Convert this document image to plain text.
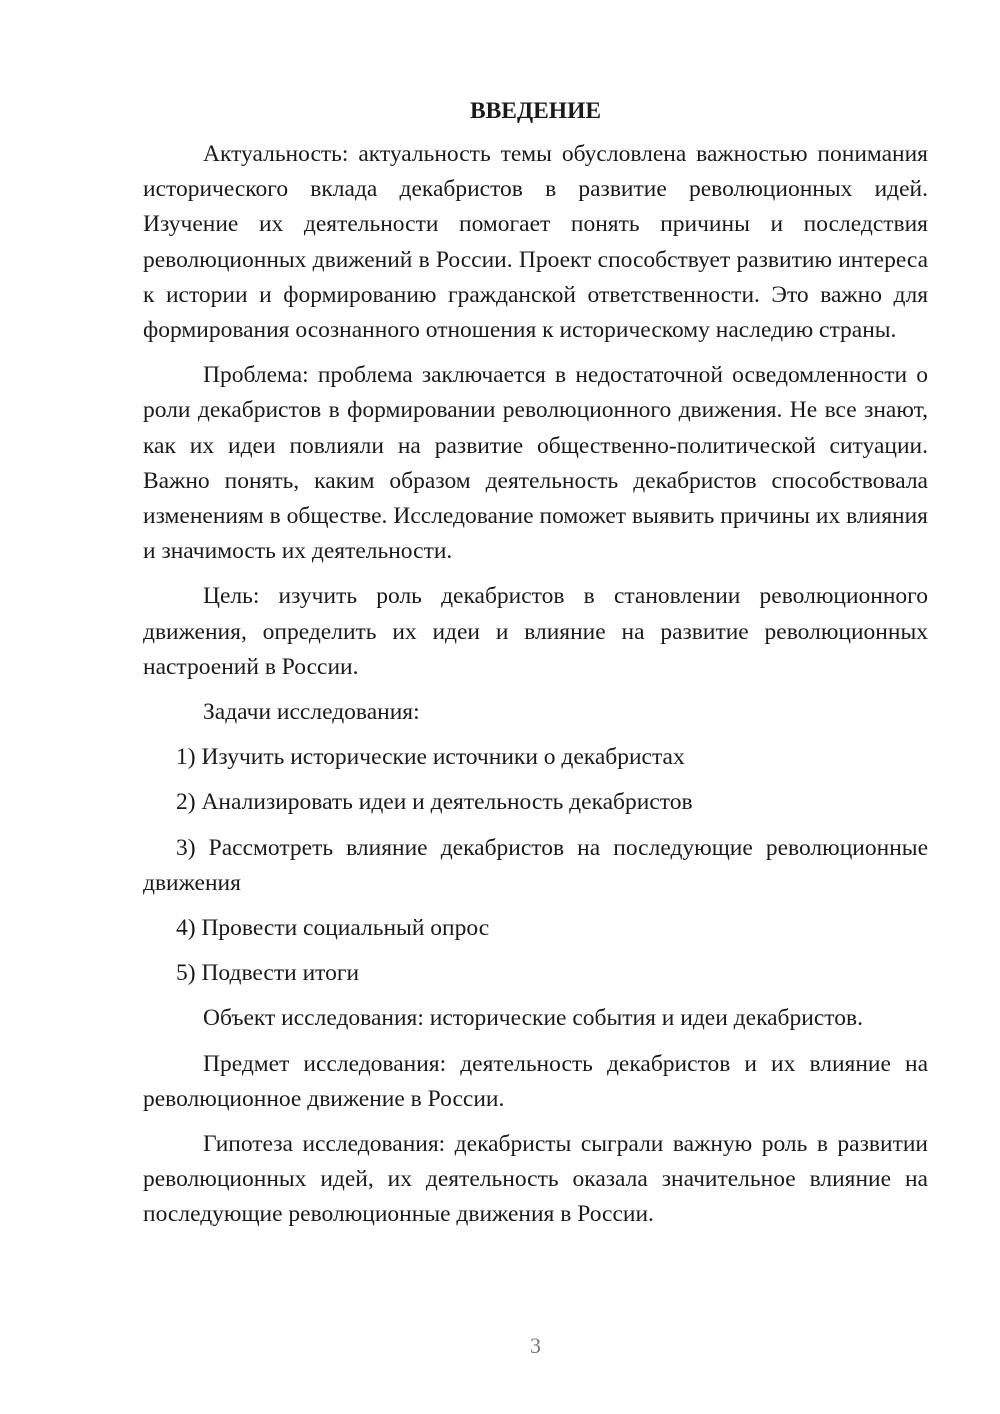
ВВЕДЕНИЕ

Актуальность: актуальность темы обусловлена важностью понимания исторического вклада декабристов в развитие революционных идей. Изучение их деятельности помогает понять причины и последствия революционных движений в России. Проект способствует развитию интереса к истории и формированию гражданской ответственности. Это важно для формирования осознанного отношения к историческому наследию страны.

Проблема: проблема заключается в недостаточной осведомленности о роли декабристов в формировании революционного движения. Не все знают, как их идеи повлияли на развитие общественно-политической ситуации. Важно понять, каким образом деятельность декабристов способствовала изменениям в обществе. Исследование поможет выявить причины их влияния и значимость их деятельности.

Цель: изучить роль декабристов в становлении революционного движения, определить их идеи и влияние на развитие революционных настроений в России.

Задачи исследования:

1) Изучить исторические источники о декабристах

2) Анализировать идеи и деятельность декабристов

3) Рассмотреть влияние декабристов на последующие революционные движения

4) Провести социальный опрос

5) Подвести итоги

Объект исследования: исторические события и идеи декабристов.

Предмет исследования: деятельность декабристов и их влияние на революционное движение в России.

Гипотеза исследования: декабристы сыграли важную роль в развитии революционных идей, их деятельность оказала значительное влияние на последующие революционные движения в России.

3
